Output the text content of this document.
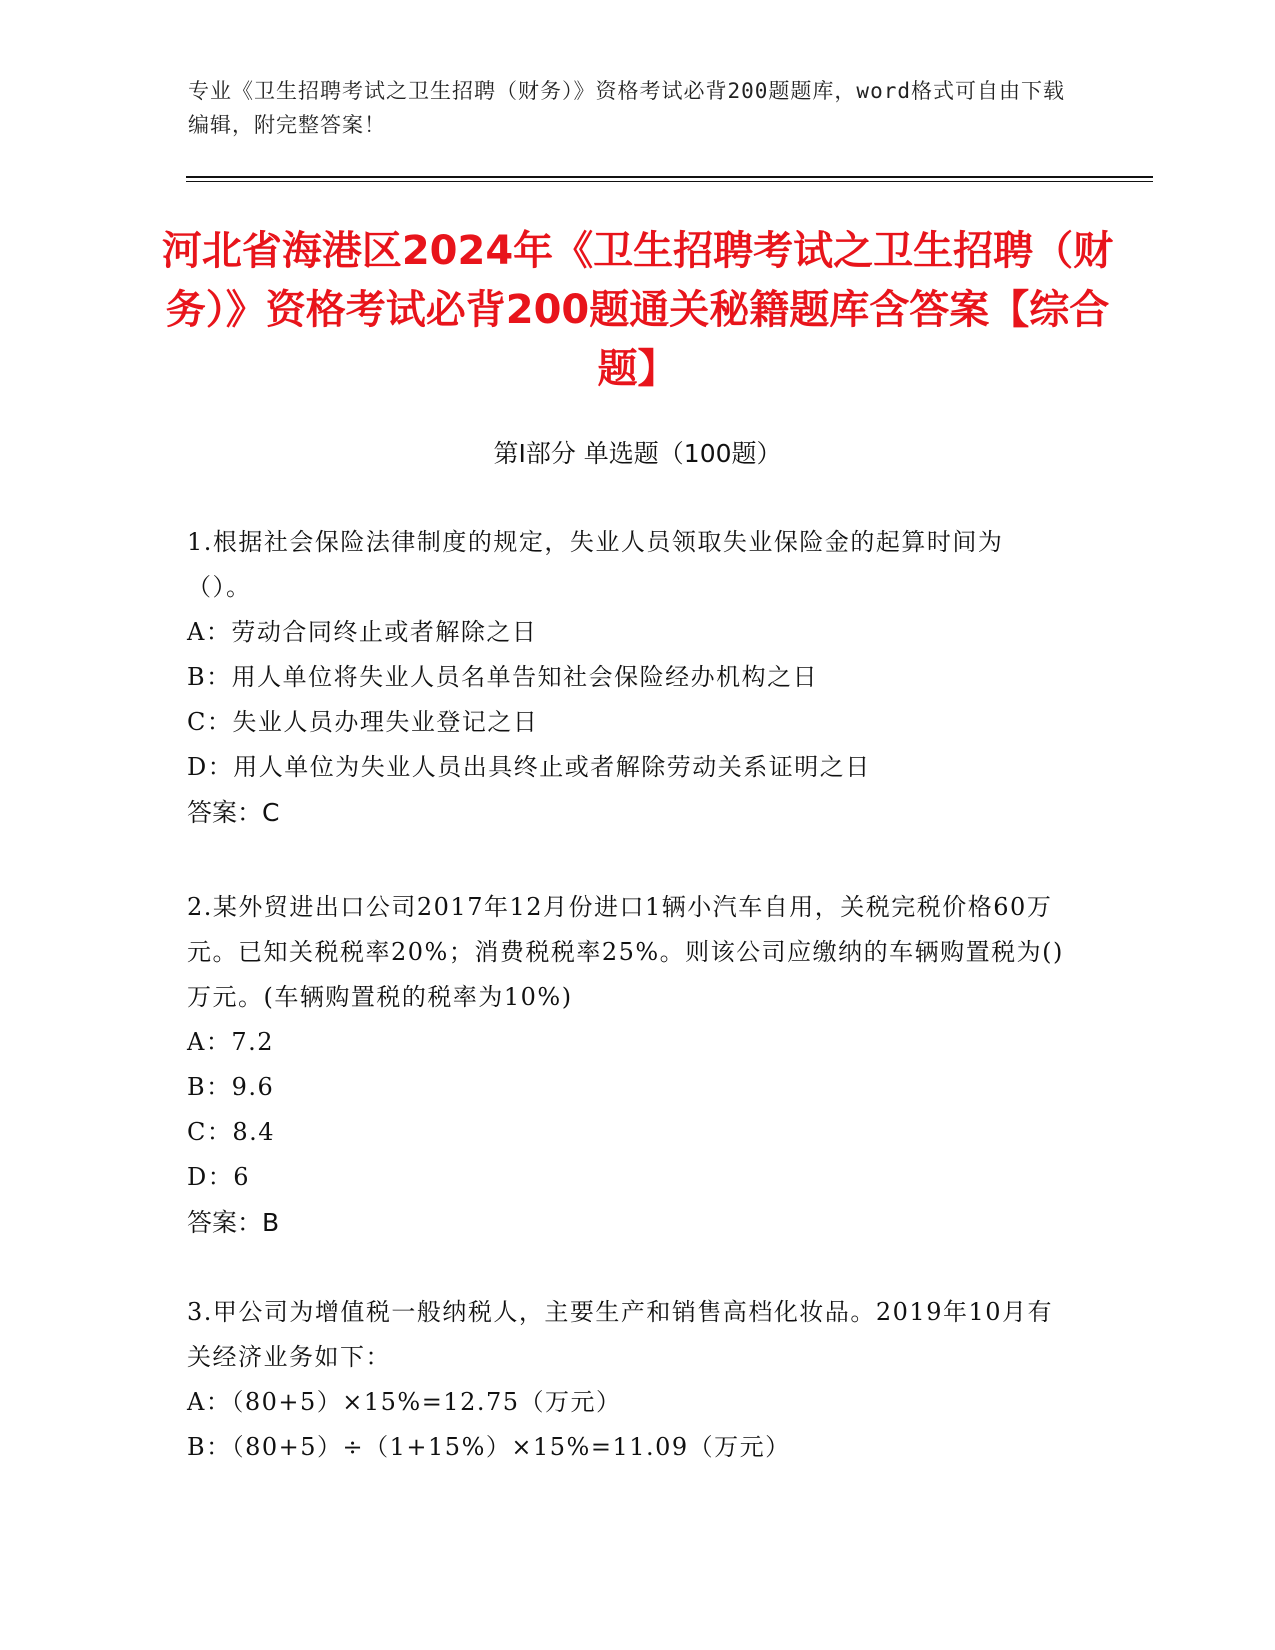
专业《卫生招聘考试之卫生招聘（财务）》资格考试必背200题题库，word格式可自由下载编辑，附完整答案！
河北省海港区2024年《卫生招聘考试之卫生招聘（财务）》资格考试必背200题通关秘籍题库含答案【综合题】
第Ⅰ部分 单选题（100题）

1.根据社会保险法律制度的规定，失业人员领取失业保险金的起算时间为（）。

A：劳动合同终止或者解除之日

B：用人单位将失业人员名单告知社会保险经办机构之日

C：失业人员办理失业登记之日

D：用人单位为失业人员出具终止或者解除劳动关系证明之日

答案：C

2.某外贸进出口公司2017年12月份进口1辆小汽车自用，关税完税价格60万元。已知关税税率20%；消费税税率25%。则该公司应缴纳的车辆购置税为()万元。(车辆购置税的税率为10%)

A：7.2

B：9.6

C：8.4

D：6

答案：B

3.甲公司为增值税一般纳税人，主要生产和销售高档化妆品。2019年10月有关经济业务如下：

A：（80+5）×15%=12.75（万元）

B：（80+5）÷（1+15%）×15%=11.09（万元）
